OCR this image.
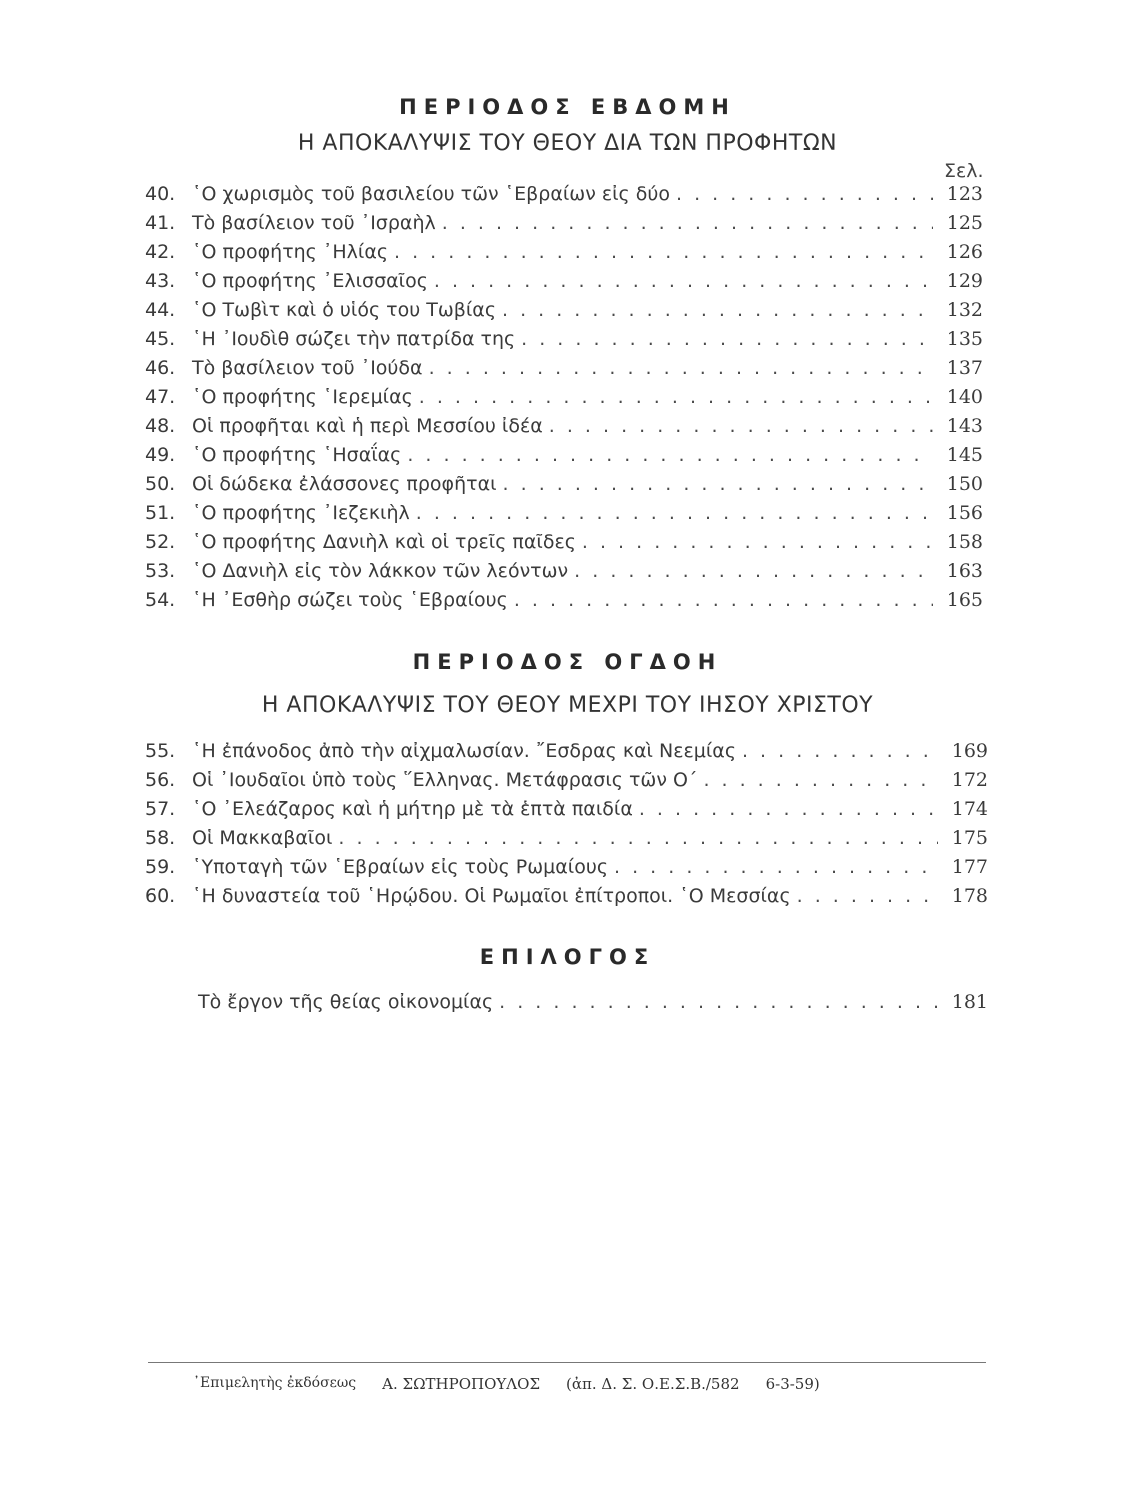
ΠΕΡΙΟΔΟΣ ΕΒΔΟΜΗ
Η ΑΠΟΚΑΛΥΨΙΣ ΤΟΥ ΘΕΟΥ ΔΙΑ ΤΩΝ ΠΡΟΦΗΤΩΝ
Σελ.
40. ῾Ο χωρισμὸς τοῦ βασιλείου τῶν ῾Εβραίων εἰς δύο . . .	123
41. Τὸ βασίλειον τοῦ ᾿Ισραὴλ . . .	125
42. ῾Ο προφήτης ᾿Ηλίας . . .	126
43. ῾Ο προφήτης ᾿Ελισσαῖος . . .	129
44. ῾Ο Τωβὶτ καὶ ὁ υἱός του Τωβίας . . .	132
45. ῾Η ᾿Ιουδὶθ σώζει τὴν πατρίδα της . . .	135
46. Τὸ βασίλειον τοῦ ᾿Ιούδα . . .	137
47. ῾Ο προφήτης ῾Ιερεμίας . . .	140
48. Οἱ προφῆται καὶ ἡ περὶ Μεσσίου ἰδέα . . .	143
49. ῾Ο προφήτης ῾Ησαΐας . . .	145
50. Οἱ δώδεκα ἐλάσσονες προφῆται . . .	150
51. ῾Ο προφήτης ᾿Ιεζεκιὴλ . . .	156
52. ῾Ο προφήτης Δανιὴλ καὶ οἱ τρεῖς παῖδες . . .	158
53. ῾Ο Δανιὴλ εἰς τὸν λάκκον τῶν λεόντων . . .	163
54. ῾Η ᾿Εσθὴρ σώζει τοὺς ῾Εβραίους . . .	165
ΠΕΡΙΟΔΟΣ ΟΓΔΟΗ
Η ΑΠΟΚΑΛΥΨΙΣ ΤΟΥ ΘΕΟΥ ΜΕΧΡΙ ΤΟΥ ΙΗΣΟΥ ΧΡΙΣΤΟΥ
55. ῾Η ἐπάνοδος ἀπὸ τὴν αἰχμαλωσίαν. ῎Εσδρας καὶ Νεεμίας . . .	169
56. Οἱ ᾿Ιουδαῖοι ὑπὸ τοὺς ῞Ελληνας. Μετάφρασις τῶν Ο΄ . . .	172
57. ῾Ο ᾿Ελεάζαρος καὶ ἡ μήτηρ μὲ τὰ ἑπτὰ παιδία . . .	174
58. Οἱ Μακκαβαῖοι . . .	175
59. ῾Υποταγὴ τῶν ῾Εβραίων εἰς τοὺς Ρωμαίους . . .	177
60. ῾Η δυναστεία τοῦ ῾Ηρῴδου. Οἱ Ρωμαῖοι ἐπίτροποι. ῾Ο Μεσσίας . . .	178
ΕΠΙΛΟΓΟΣ
Τὸ ἔργον τῆς θείας οἰκονομίας . . .	181
᾿Επιμελητὴς ἐκδόσεως Α. ΣΩΤΗΡΟΠΟΥΛΟΣ (ἀπ. Δ. Σ. Ο.Ε.Σ.Β./582 6-3-59)
